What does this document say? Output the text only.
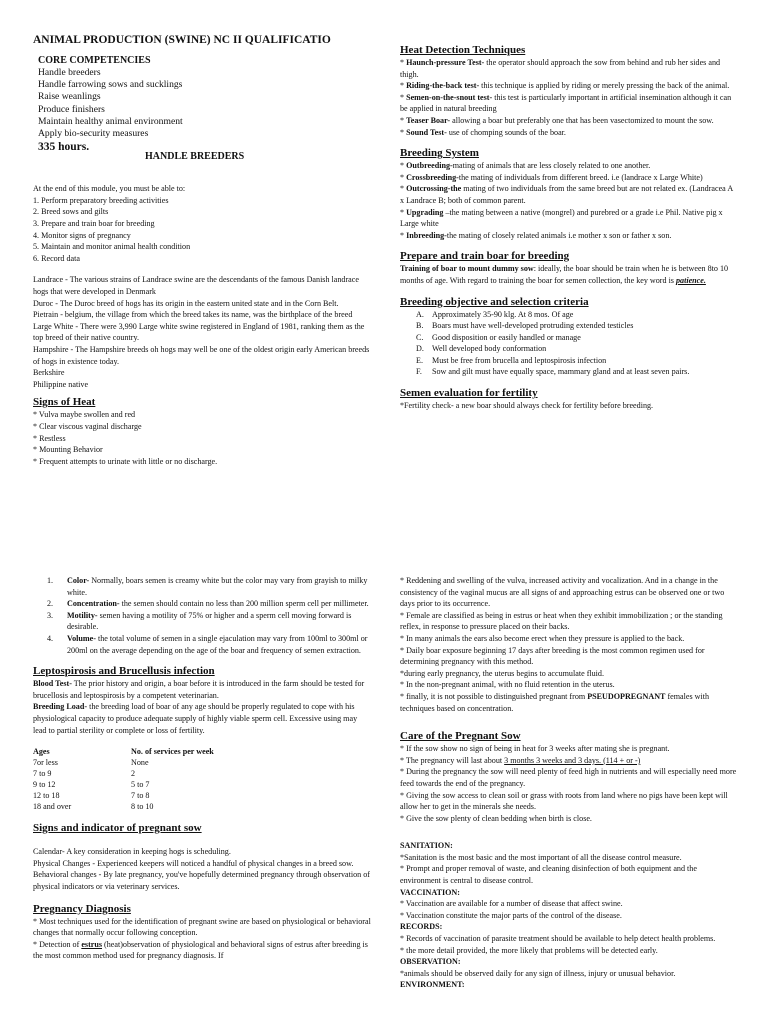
ANIMAL PRODUCTION (SWINE) NC II QUALIFICATIO
CORE COMPETENCIES
Handle breeders
Handle farrowing sows and sucklings
Raise weanlings
Produce finishers
Maintain healthy animal environment
Apply bio-security measures
335 hours.
HANDLE BREEDERS
At the end of this module, you must be able to:
1. Perform preparatory breeding activities
2. Breed sows and gilts
3. Prepare and train boar for breeding
4. Monitor signs of pregnancy
5. Maintain and monitor animal health condition
6. Record data
Landrace - The various strains of Landrace swine are the descendants of the famous Danish landrace hogs that were developed in Denmark
Duroc - The Duroc breed of hogs has its origin in the eastern united state and in the Corn Belt.
Pietrain - belgium, the village from which the breed takes its name, was the birthplace of the breed
Large White - There were 3,990 Large white swine registered in England of 1981, ranking them as the top breed of their native country.
Hampshire - The Hampshire breeds oh hogs may well be one of the oldest origin early American breeds of hogs in existence today.
Berkshire
Philippine native
Signs of Heat
* Vulva maybe swollen and red
* Clear viscous vaginal discharge
* Restless
* Mounting Behavior
* Frequent attempts to urinate with little or no discharge.
Heat Detection Techniques
* Haunch-pressure Test- the operator should approach the sow from behind and rub her sides and thigh.
* Riding-the-back test- this technique is applied by riding or merely pressing the back of the animal.
* Semen-on-the-snout test- this test is particularly important in artificial insemination although it can be applied in natural breeding
* Teaser Boar- allowing a boar but preferably one that has been vasectomized to mount the sow.
* Sound Test- use of chomping sounds of the boar.
Breeding System
* Outbreeding-mating of animals that are less closely related to one another.
* Crossbreeding-the mating of individuals from different breed. i.e (landrace x Large White)
* Outcrossing-the mating of two individuals from the same breed but are not related ex. (Landracea A x Landrace B; both of common parent.
* Upgrading –the mating between a native (mongrel) and purebred or a grade i.e Phil. Native pig x Large white
* Inbreeding-the mating of closely related animals i.e mother x son or father x son.
Prepare and train boar for breeding
Training of boar to mount dummy sow: ideally, the boar should be train when he is between 8to 10 months of age. With regard to training the boar for semen collection, the key word is patience.
Breeding objective and selection criteria
A. Approximately 35-90 klg. At 8 mos. Of age
B. Boars must have well-developed protruding extended testicles
C. Good disposition or easily handled or manage
D. Well developed body conformation
E. Must be free from brucella and leptospirosis infection
F. Sow and gilt must have equally space, mammary gland and at least seven pairs.
Semen evaluation for fertility
*Fertility check- a new boar should always check for fertility before breeding.
1. Color- Normally, boars semen is creamy white but the color may vary from grayish to milky white.
2. Concentration- the semen should contain no less than 200 million sperm cell per millimeter.
3. Motility- semen having a motility of 75% or higher and a sperm cell moving forward is desirable.
4. Volume- the total volume of semen in a single ejaculation may vary from 100ml to 300ml or 200ml on the average depending on the age of the boar and frequency of semen extraction.
Leptospirosis and Brucellusis infection
Blood Test- The prior history and origin, a boar before it is introduced in the farm should be tested for brucellosis and leptospirosis by a competent veterinarian.
Breeding Load- the breeding load of boar of any age should be properly regulated to cope with his physiological capacity to produce adequate supply of highly viable sperm cell. Excessive using may lead to partial sterility or complete or loss of fertility.
Ages	No. of services per week
7or less	None
7 to 9	2
9 to 12	5 to 7
12 to 18	7 to 8
18 and over	8 to 10
Signs and indicator of pregnant sow
Calendar- A key consideration in keeping hogs is scheduling.
Physical Changes - Experienced keepers will noticed a handful of physical changes in a breed sow.
Behavioral changes - By late pregnancy, you've hopefully determined pregnancy through observation of physical indicators or via veterinary services.
Pregnancy Diagnosis
* Most techniques used for the identification of pregnant swine are based on physiological or behavioral changes that normally occur following conception.
* Detection of estrus (heat)observation of physiological and behavioral signs of estrus after breeding is the most common method used for pregnancy diagnosis. If
* Reddening and swelling of the vulva, increased activity and vocalization. And in a change in the consistency of the vaginal mucus are all signs of and approaching estrus can be observed one or two days prior to its occurrence.
* Female are classified as being in estrus or heat when they exhibit immobilization ; or the standing reflex, in response to pressure placed on their backs.
* In many animals the ears also become erect when they pressure is applied to the back.
* Daily boar exposure beginning 17 days after breeding is the most common regimen used for determining pregnancy with this method.
*during early pregnancy, the uterus begins to accumulate fluid.
* In the non-pregnant animal, with no fluid retention in the uterus.
* finally, it is not possible to distinguished pregnant from PSEUDOPREGNANT females with techniques based on concentration.
Care of the Pregnant Sow
* If the sow show no sign of being in heat for 3 weeks after mating she is pregnant.
* The pregnancy will last about 3 months 3 weeks and 3 days. (114 + or -)
* During the pregnancy the sow will need plenty of feed high in nutrients and will especially need more feed towards the end of the pregnancy.
* Giving the sow access to clean soil or grass with roots from land where no pigs have been kept will allow her to get in the minerals she needs.
* Give the sow plenty of clean bedding when birth is close.
SANITATION:
*Sanitation is the most basic and the most important of all the disease control measure.
* Prompt and proper removal of waste, and cleaning disinfection of both equipment and the environment is central to disease control.
VACCINATION:
* Vaccination are available for a number of disease that affect swine.
* Vaccination constitute the major parts of the control of the disease.
RECORDS:
* Records of vaccination of parasite treatment should be available to help detect health problems.
* the more detail provided, the more likely that problems will be detected early.
OBSERVATION:
*animals should be observed daily for any sign of illness, injury or unusual behavior.
ENVIRONMENT:
